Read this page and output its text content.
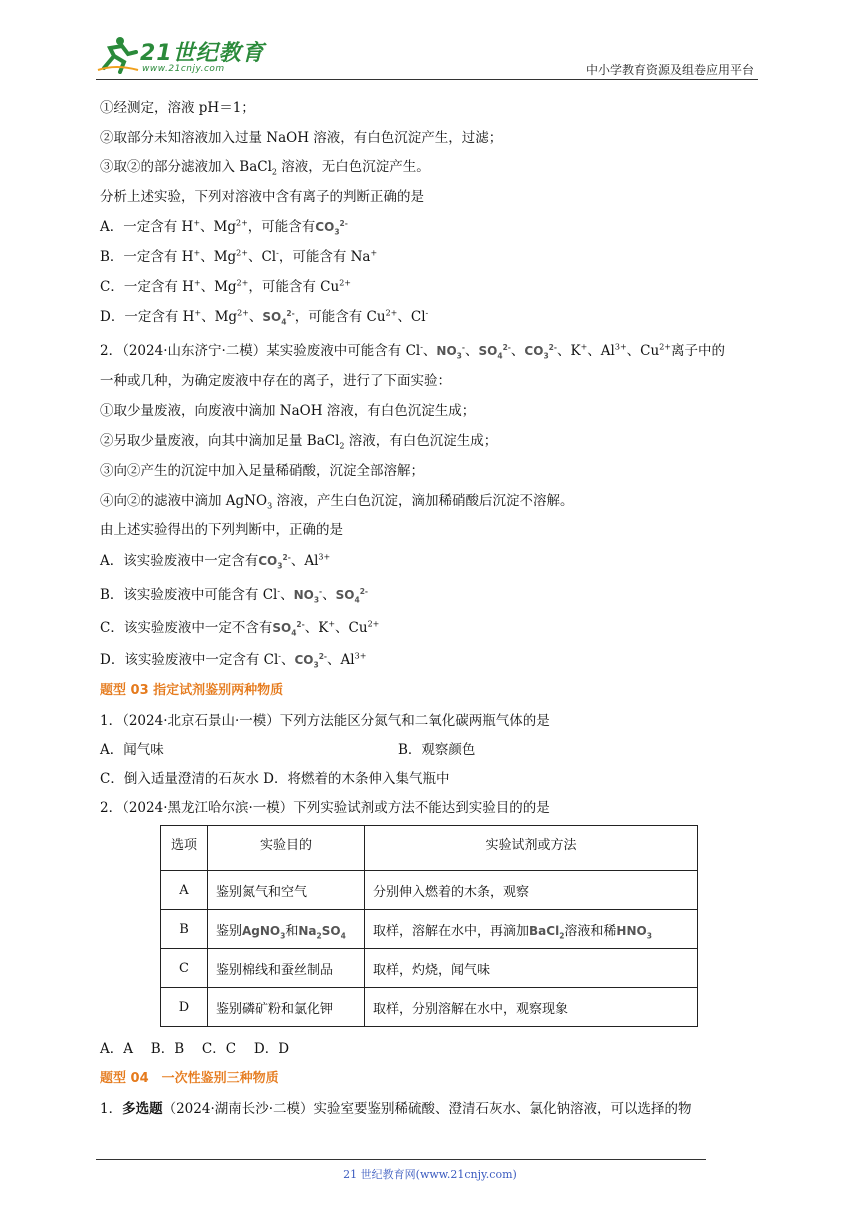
21世纪教育
www.21cnjy.com	中小学教育资源及组卷应用平台
①经测定，溶液 pH＝1；
②取部分未知溶液加入过量 NaOH 溶液，有白色沉淀产生，过滤；
③取②的部分滤液加入 BaCl$_2$ 溶液，无白色沉淀产生。
分析上述实验，下列对溶液中含有离子的判断正确的是
A．一定含有 H+、$Mg^{2+}$，可能含有$CO_3^{2-}$
B．一定含有 H+、$Mg^{2+}$、Cl-，可能含有 Na+
C．一定含有 H+、$Mg^{2+}$，可能含有 $Cu^{2+}$
D．一定含有 H+、$Mg^{2+}$、$SO_4^{2-}$，可能含有 $Cu^{2+}$、Cl-
2．（2024·山东济宁·二模）某实验废液中可能含有 Cl-、$NO_3^-$、$SO_4^{2-}$、$CO_3^{2-}$、K+、$Al^{3+}$、$Cu^{2+}$离子中的
一种或几种，为确定废液中存在的离子，进行了下面实验：
①取少量废液，向废液中滴加 NaOH 溶液，有白色沉淀生成；
②另取少量废液，向其中滴加足量 BaCl$_2$ 溶液，有白色沉淀生成；
③向②产生的沉淀中加入足量稀硝酸，沉淀全部溶解；
④向②的滤液中滴加 AgNO$_3$ 溶液，产生白色沉淀，滴加稀硝酸后沉淀不溶解。
由上述实验得出的下列判断中，正确的是
A．该实验废液中一定含有$CO_3^{2-}$、$Al^{3+}$
B．该实验废液中可能含有 Cl-、$NO_3^-$、$SO_4^{2-}$
C．该实验废液中一定不含有$SO_4^{2-}$、K+、$Cu^{2+}$
D．该实验废液中一定含有 Cl-、$CO_3^{2-}$、$Al^{3+}$
题型 03 指定试剂鉴别两种物质
1．（2024·北京石景山·一模）下列方法能区分氮气和二氧化碳两瓶气体的是
A．闻气味	B．观察颜色
C．倒入适量澄清的石灰水 D．将燃着的木条伸入集气瓶中
2．（2024·黑龙江哈尔滨·一模）下列实验试剂或方法不能达到实验目的的是
选项	实验目的	实验试剂或方法
A	鉴别氮气和空气	分别伸入燃着的木条，观察
B	鉴别AgNO$_3$和$Na_2SO_4$	取样，溶解在水中，再滴加BaCl$_2$溶液和稀$HNO_3$
C	鉴别棉线和蚕丝制品	取样，灼烧，闻气味
D	鉴别磷矿粉和氯化钾	取样，分别溶解在水中，观察现象
A．A　 B．B　 C．C　 D．D
题型 04　一次性鉴别三种物质
1．多选题（2024·湖南长沙·二模）实验室要鉴别稀硫酸、澄清石灰水、氯化钠溶液，可以选择的物
21 世纪教育网(www.21cnjy.com)
